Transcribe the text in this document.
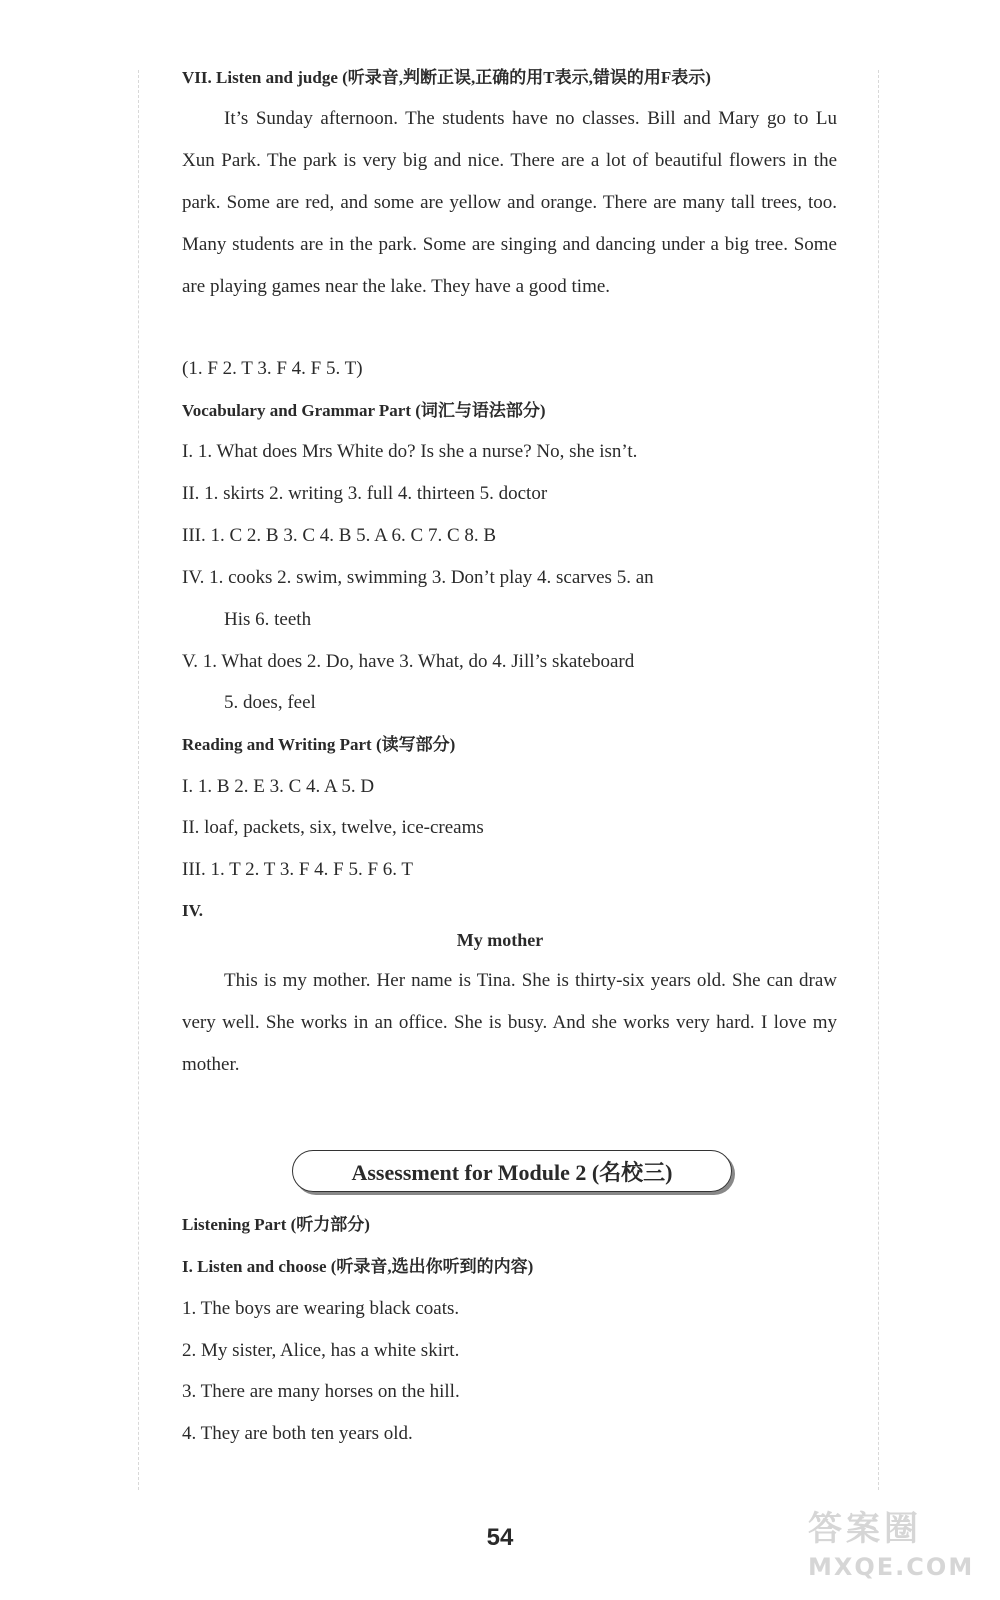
VII. Listen and judge (听录音,判断正误,正确的用T表示,错误的用F表示)
It’s Sunday afternoon. The students have no classes. Bill and Mary go to Lu Xun Park. The park is very big and nice. There are a lot of beautiful flowers in the park. Some are red, and some are yellow and orange. There are many tall trees, too. Many students are in the park. Some are singing and dancing under a big tree. Some are playing games near the lake. They have a good time.
(1. F 2. T 3. F 4. F 5. T)
Vocabulary and Grammar Part (词汇与语法部分)
I. 1. What does Mrs White do? Is she a nurse? No, she isn’t.
II. 1. skirts 2. writing 3. full 4. thirteen 5. doctor
III. 1. C 2. B 3. C 4. B 5. A 6. C 7. C 8. B
IV. 1. cooks 2. swim, swimming 3. Don’t play 4. scarves 5. an
His 6. teeth
V. 1. What does 2. Do, have 3. What, do 4. Jill’s skateboard
5. does, feel
Reading and Writing Part (读写部分)
I. 1. B 2. E 3. C 4. A 5. D
II. loaf, packets, six, twelve, ice-creams
III. 1. T 2. T 3. F 4. F 5. F 6. T
IV.
My mother
This is my mother. Her name is Tina. She is thirty-six years old. She can draw very well. She works in an office. She is busy. And she works very hard. I love my mother.
Assessment for Module 2 (名校三)
Listening Part (听力部分)
I. Listen and choose (听录音,选出你听到的内容)
1. The boys are wearing black coats.
2. My sister, Alice, has a white skirt.
3. There are many horses on the hill.
4. They are both ten years old.
54	答案圈
MXQE.COM
